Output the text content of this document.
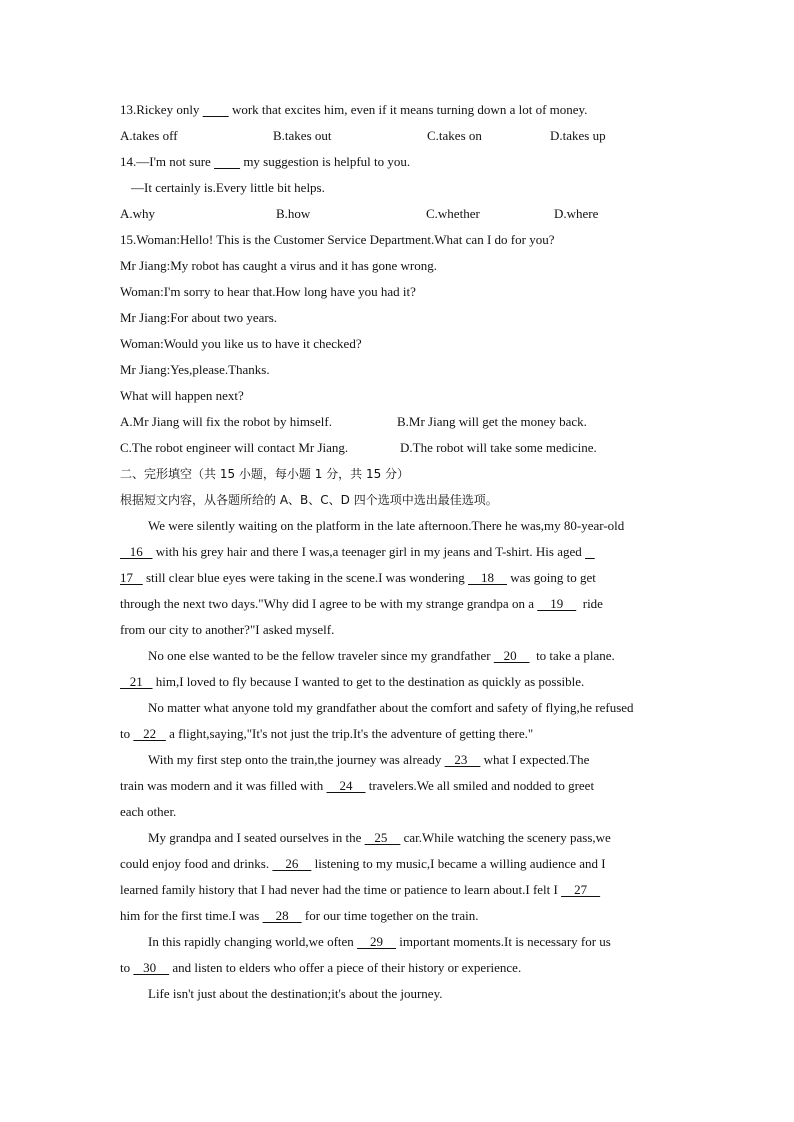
13.Rickey only          work that excites him, even if it means turning down a lot of money.
A.takes off	B.takes out	C.takes on	D.takes up
14.—I'm not sure          my suggestion is helpful to you.
—It certainly is.Every little bit helps.
A.why	B.how	C.whether	D.where
15.Woman:Hello! This is the Customer Service Department.What can I do for you?
Mr Jiang:My robot has caught a virus and it has gone wrong.
Woman:I'm sorry to hear that.How long have you had it?
Mr Jiang:For about two years.
Woman:Would you like us to have it checked?
Mr Jiang:Yes,please.Thanks.
What will happen next?
A.Mr Jiang will fix the robot by himself.	B.Mr Jiang will get the money back.
C.The robot engineer will contact Mr Jiang.	D.The robot will take some medicine.
二、完形填空（共 15 小题，每小题 1 分，共 15 分）
根据短文内容，从各题所给的 A、B、C、D 四个选项中选出最佳选项。
We were silently waiting on the platform in the late afternoon.There he was,my 80-year-old
16    with his grey hair and there I was,a teenager girl in my jeans and T-shirt. His aged
17    still clear blue eyes were taking in the scene.I was wondering     18     was going to get
through the next two days."Why did I agree to be with my strange grandpa on a     19      ride
from our city to another?"I asked myself.
No one else wanted to be the fellow traveler since my grandfather    20      to take a plane.
21    him,I loved to fly because I wanted to get to the destination as quickly as possible.
No matter what anyone told my grandfather about the comfort and safety of flying,he refused
to    22    a flight,saying,"It's not just the trip.It's the adventure of getting there."
With my first step onto the train,the journey was already    23     what I expected.The
train was modern and it was filled with     24     travelers.We all smiled and nodded to greet
each other.
My grandpa and I seated ourselves in the    25     car.While watching the scenery pass,we
could enjoy food and drinks.     26     listening to my music,I became a willing audience and I
learned family history that I had never had the time or patience to learn about.I felt I     27
him for the first time.I was     28     for our time together on the train.
In this rapidly changing world,we often     29     important moments.It is necessary for us
to    30     and listen to elders who offer a piece of their history or experience.
Life isn't just about the destination;it's about the journey.
